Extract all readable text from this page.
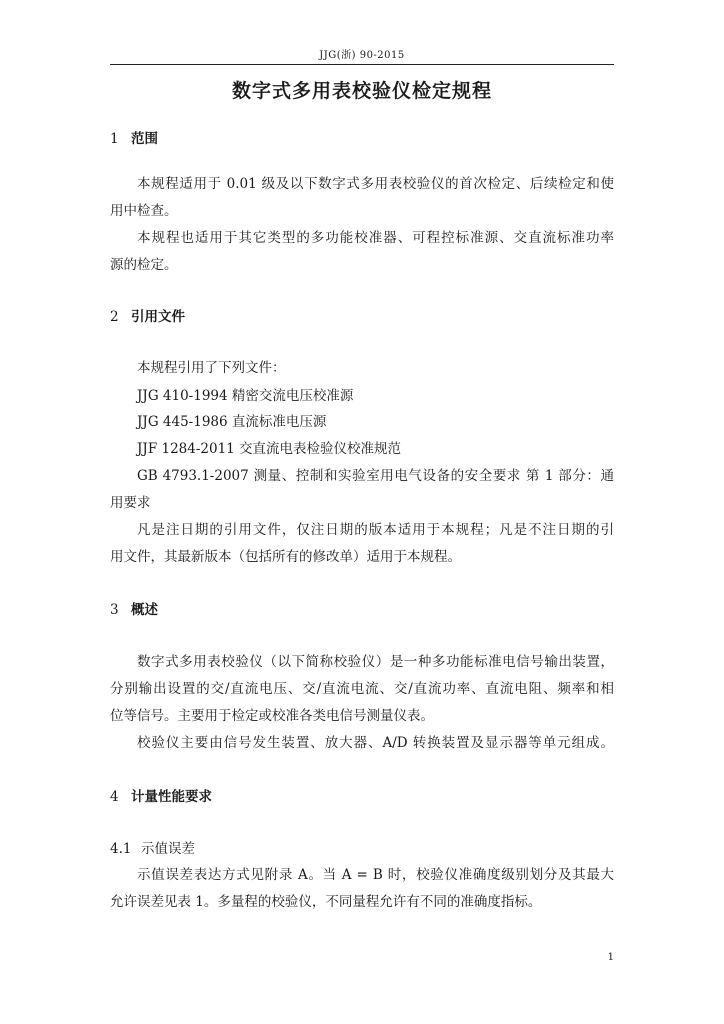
JJG(浙) 90-2015
数字式多用表校验仪检定规程
1 范围
本规程适用于 0.01 级及以下数字式多用表校验仪的首次检定、后续检定和使
用中检查。
本规程也适用于其它类型的多功能校准器、可程控标准源、交直流标准功率
源的检定。
2 引用文件
本规程引用了下列文件：
JJG 410-1994 精密交流电压校准源
JJG 445-1986 直流标准电压源
JJF 1284-2011 交直流电表检验仪校准规范
GB 4793.1-2007 测量、控制和实验室用电气设备的安全要求 第 1 部分：通
用要求
凡是注日期的引用文件，仅注日期的版本适用于本规程；凡是不注日期的引
用文件，其最新版本（包括所有的修改单）适用于本规程。
3 概述
数字式多用表校验仪（以下简称校验仪）是一种多功能标准电信号输出装置，
分别输出设置的交/直流电压、交/直流电流、交/直流功率、直流电阻、频率和相
位等信号。主要用于检定或校准各类电信号测量仪表。
校验仪主要由信号发生装置、放大器、A/D 转换装置及显示器等单元组成。
4 计量性能要求
4.1 示值误差
示值误差表达方式见附录 A。当 A = B 时，校验仪准确度级别划分及其最大
允许误差见表 1。多量程的校验仪，不同量程允许有不同的准确度指标。
1
